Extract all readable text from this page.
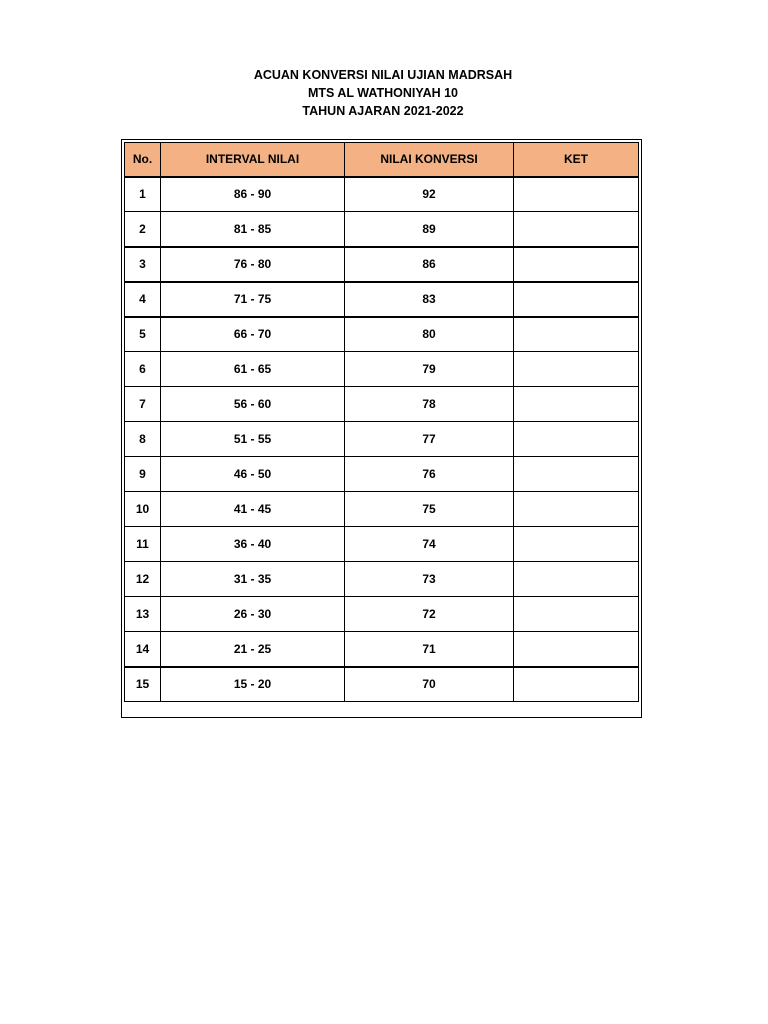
ACUAN KONVERSI NILAI UJIAN MADRSAH
MTS AL WATHONIYAH 10
TAHUN AJARAN 2021-2022
No.	INTERVAL NILAI	NILAI KONVERSI	KET
1	86 - 90	92	
2	81 - 85	89	
3	76 - 80	86	
4	71 - 75	83	
5	66 - 70	80	
6	61 - 65	79	
7	56 - 60	78	
8	51 - 55	77	
9	46 - 50	76	
10	41 - 45	75	
11	36 - 40	74	
12	31 - 35	73	
13	26 - 30	72	
14	21 - 25	71	
15	15 - 20	70	
